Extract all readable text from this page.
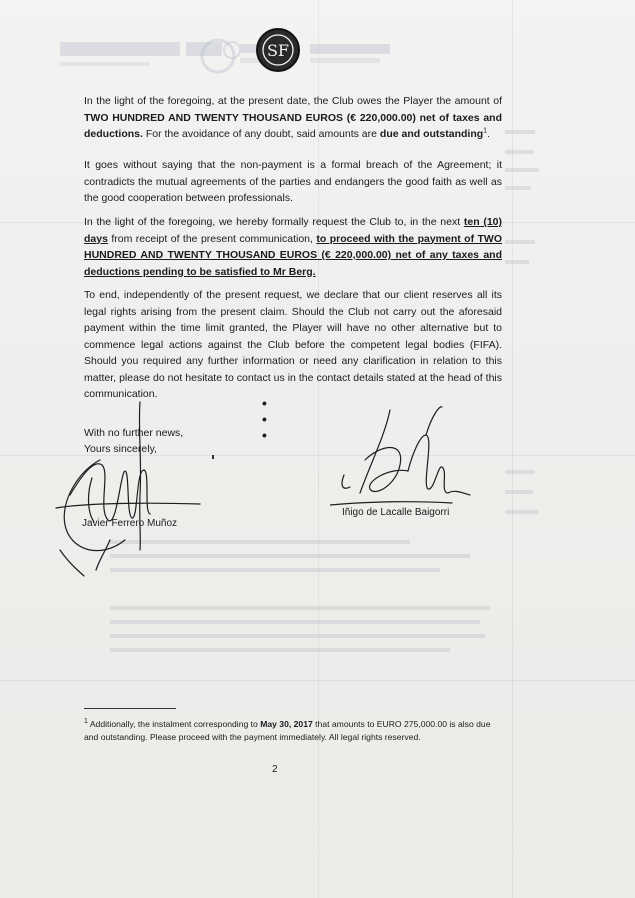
SF
In the light of the foregoing, at the present date, the Club owes the Player the amount of TWO HUNDRED AND TWENTY THOUSAND EUROS (€ 220,000.00) net of taxes and deductions. For the avoidance of any doubt, said amounts are due and outstanding$^1$.
It goes without saying that the non-payment is a formal breach of the Agreement; it contradicts the mutual agreements of the parties and endangers the good faith as well as the good cooperation between professionals.
In the light of the foregoing, we hereby formally request the Club to, in the next ten (10) days from receipt of the present communication, to proceed with the payment of TWO HUNDRED AND TWENTY THOUSAND EUROS (€ 220,000.00) net of any taxes and deductions pending to be satisfied to Mr Berg.
To end, independently of the present request, we declare that our client reserves all its legal rights arising from the present claim. Should the Club not carry out the aforesaid payment within the time limit granted, the Player will have no other alternative but to commence legal actions against the Club before the competent legal bodies (FIFA). Should you required any further information or need any clarification in relation to this matter, please do not hesitate to contact us in the contact details stated at the head of this communication.
• • •
With no further news,
Yours sincerely,
Javier Ferrero Muñoz
Iñigo de Lacalle Baigorri
$^1$ Additionally, the instalment corresponding to May 30, 2017 that amounts to EURO 275,000.00 is also due and outstanding. Please proceed with the payment immediately. All legal rights reserved.
2
